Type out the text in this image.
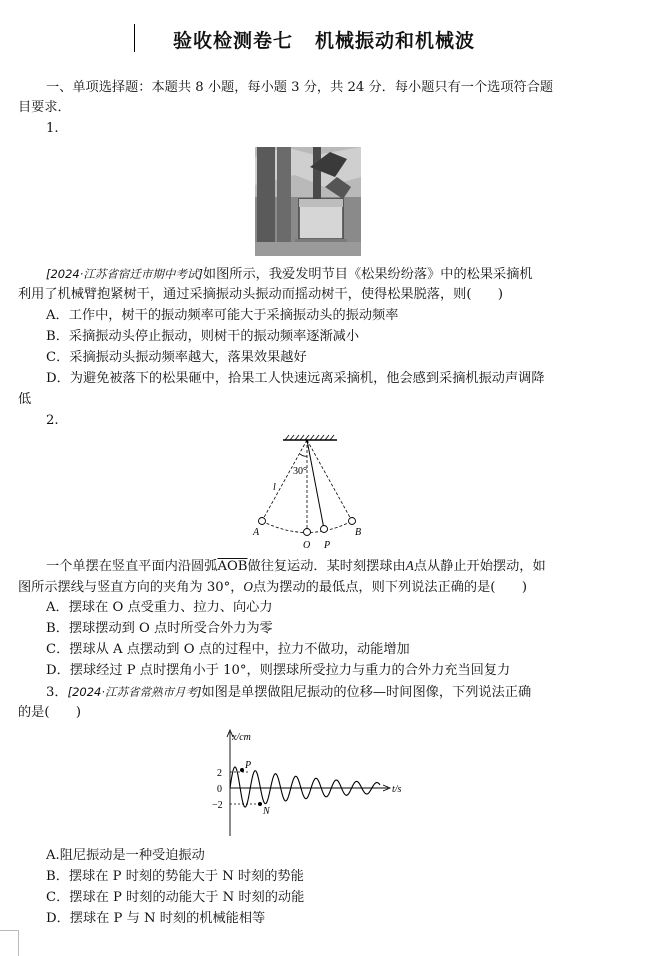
验收检测卷七 机械振动和机械波
一、单项选择题：本题共 8 小题，每小题 3 分，共 24 分．每小题只有一个选项符合题
目要求．
1.
[2024·江苏省宿迁市期中考试]如图所示，我爱发明节目《松果纷纷落》中的松果采摘机
利用了机械臂抱紧树干，通过采摘振动头振动而摇动树干，使得松果脱落，则(　　)
A．工作中，树干的振动频率可能大于采摘振动头的振动频率
B．采摘振动头停止振动，则树干的振动频率逐渐减小
C．采摘振动头振动频率越大，落果效果越好
D．为避免被落下的松果砸中，拾果工人快速远离采摘机，他会感到采摘机振动声调降
低
2.
30°
l
A
O P
B
一个单摆在竖直平面内沿圆弧$\overline{AOB}$做往复运动．某时刻摆球由A点从静止开始摆动，如
图所示摆线与竖直方向的夹角为 30°，O点为摆动的最低点，则下列说法正确的是(　　)
A．摆球在 O 点受重力、拉力、向心力
B．摆球摆动到 O 点时所受合外力为零
C．摆球从 A 点摆动到 O 点的过程中，拉力不做功，动能增加
D．摆球经过 P 点时摆角小于 10°，则摆球所受拉力与重力的合外力充当回复力
3．[2024·江苏省常熟市月考]如图是单摆做阻尼振动的位移—时间图像，下列说法正确
的是(　　)
x/cm
t/s
2
0
−2
P
N
A.阻尼振动是一种受迫振动
B．摆球在 P 时刻的势能大于 N 时刻的势能
C．摆球在 P 时刻的动能大于 N 时刻的动能
D．摆球在 P 与 N 时刻的机械能相等
